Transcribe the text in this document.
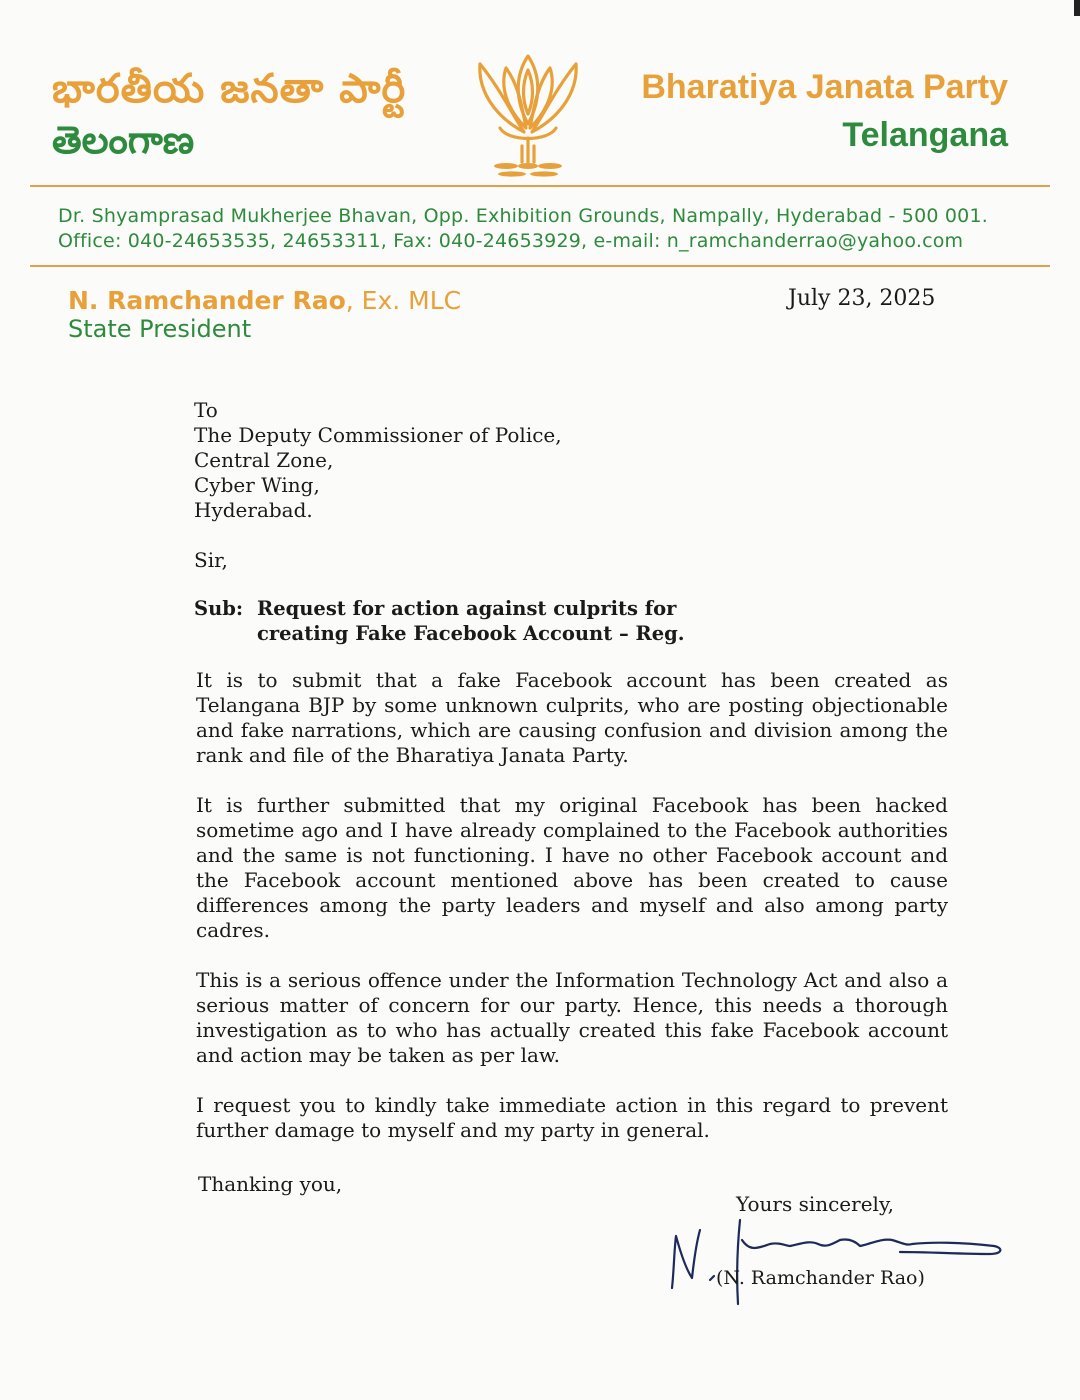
భారతీయ జనతా పార్టీ
తెలంగాణ
Bharatiya Janata Party
Telangana
Dr. Shyamprasad Mukherjee Bhavan, Opp. Exhibition Grounds, Nampally, Hyderabad - 500 001.
Office: 040-24653535, 24653311, Fax: 040-24653929, e-mail: n_ramchanderrao@yahoo.com
N. Ramchander Rao, Ex. MLC
State President
July 23, 2025
To
The Deputy Commissioner of Police,
Central Zone,
Cyber Wing,
Hyderabad.
Sir,
Sub: Request for action against culprits for
creating Fake Facebook Account – Reg.
It is to submit that a fake Facebook account has been created as Telangana BJP by some unknown culprits, who are posting objectionable and fake narrations, which are causing confusion and division among the rank and file of the Bharatiya Janata Party.
It is further submitted that my original Facebook has been hacked sometime ago and I have already complained to the Facebook authorities and the same is not functioning. I have no other Facebook account and the Facebook account mentioned above has been created to cause differences among the party leaders and myself and also among party cadres.
This is a serious offence under the Information Technology Act and also a serious matter of concern for our party. Hence, this needs a thorough investigation as to who has actually created this fake Facebook account and action may be taken as per law.
I request you to kindly take immediate action in this regard to prevent further damage to myself and my party in general.
Thanking you,
Yours sincerely,
(N. Ramchander Rao)
